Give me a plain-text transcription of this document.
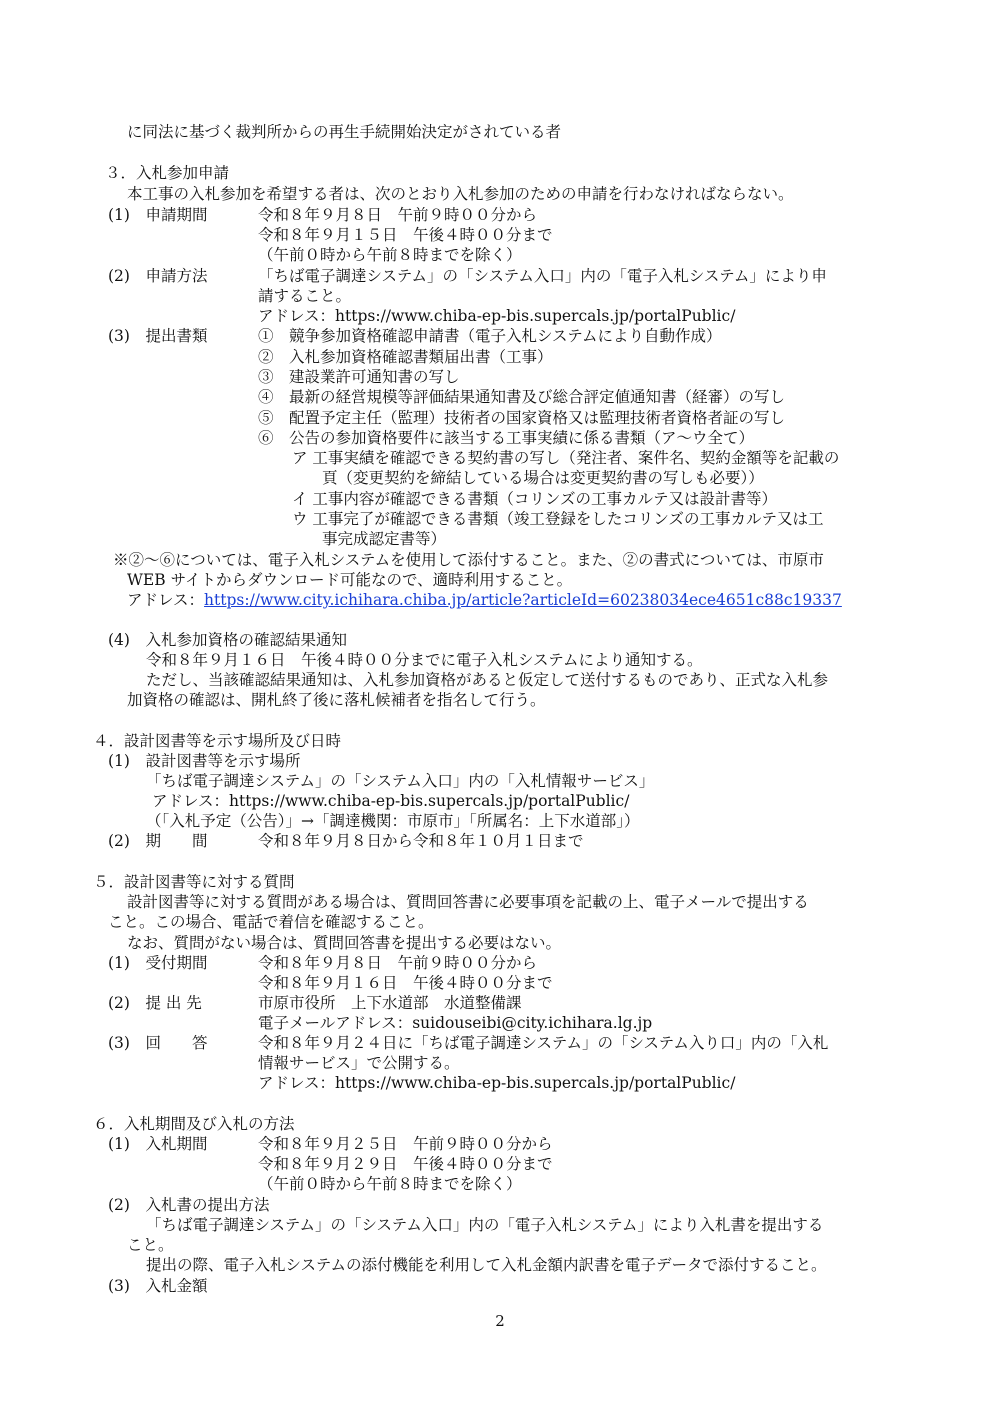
に同法に基づく裁判所からの再生手続開始決定がされている者
３．入札参加申請
本工事の入札参加を希望する者は、次のとおり入札参加のための申請を行わなければならない。
(1)　申請期間	令和８年９月８日　午前９時００分から
令和８年９月１５日　午後４時００分まで
（午前０時から午前８時までを除く）
(2)　申請方法	「ちば電子調達システム」の「システム入口」内の「電子入札システム」により申
請すること。
アドレス：https://www.chiba-ep-bis.supercals.jp/portalPublic/
(3)　提出書類	①　競争参加資格確認申請書（電子入札システムにより自動作成）
②　入札参加資格確認書類届出書（工事）
③　建設業許可通知書の写し
④　最新の経営規模等評価結果通知書及び総合評定値通知書（経審）の写し
⑤　配置予定主任（監理）技術者の国家資格又は監理技術者資格者証の写し
⑥　公告の参加資格要件に該当する工事実績に係る書類（ア～ウ全て）
ア 工事実績を確認できる契約書の写し（発注者、案件名、契約金額等を記載の
頁（変更契約を締結している場合は変更契約書の写しも必要））
イ 工事内容が確認できる書類（コリンズの工事カルテ又は設計書等）
ウ 工事完了が確認できる書類（竣工登録をしたコリンズの工事カルテ又は工
事完成認定書等）
※②～⑥については、電子入札システムを使用して添付すること。また、②の書式については、市原市
WEB サイトからダウンロード可能なので、適時利用すること。
アドレス：https://www.city.ichihara.chiba.jp/article?articleId=60238034ece4651c88c19337
(4)　入札参加資格の確認結果通知
令和８年９月１６日　午後４時００分までに電子入札システムにより通知する。
ただし、当該確認結果通知は、入札参加資格があると仮定して送付するものであり、正式な入札参
加資格の確認は、開札終了後に落札候補者を指名して行う。
４．設計図書等を示す場所及び日時
(1)　設計図書等を示す場所
「ちば電子調達システム」の「システム入口」内の「入札情報サービス」
アドレス：https://www.chiba-ep-bis.supercals.jp/portalPublic/
（「入札予定（公告）」→「調達機関：市原市」「所属名：上下水道部」）
(2)　期　　間	令和８年９月８日から令和８年１０月１日まで
５．設計図書等に対する質問
設計図書等に対する質問がある場合は、質問回答書に必要事項を記載の上、電子メールで提出する
こと。この場合、電話で着信を確認すること。
なお、質問がない場合は、質問回答書を提出する必要はない。
(1)　受付期間	令和８年９月８日　午前９時００分から
令和８年９月１６日　午後４時００分まで
(2)　提 出 先	市原市役所　上下水道部　水道整備課
電子メールアドレス：suidouseibi@city.ichihara.lg.jp
(3)　回　　答	令和８年９月２４日に「ちば電子調達システム」の「システム入り口」内の「入札
情報サービス」で公開する。
アドレス：https://www.chiba-ep-bis.supercals.jp/portalPublic/
６．入札期間及び入札の方法
(1)　入札期間	令和８年９月２５日　午前９時００分から
令和８年９月２９日　午後４時００分まで
（午前０時から午前８時までを除く）
(2)　入札書の提出方法
「ちば電子調達システム」の「システム入口」内の「電子入札システム」により入札書を提出する
こと。
提出の際、電子入札システムの添付機能を利用して入札金額内訳書を電子データで添付すること。
(3)　入札金額
2
